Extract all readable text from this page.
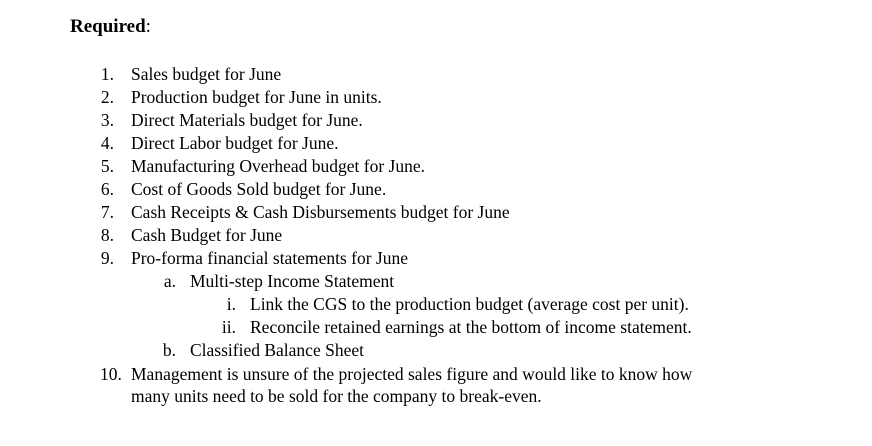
Required:
1. Sales budget for June
2. Production budget for June in units.
3. Direct Materials budget for June.
4. Direct Labor budget for June.
5. Manufacturing Overhead budget for June.
6. Cost of Goods Sold budget for June.
7. Cash Receipts & Cash Disbursements budget for June
8. Cash Budget for June
9. Pro-forma financial statements for June
a. Multi-step Income Statement
i. Link the CGS to the production budget (average cost per unit).
ii. Reconcile retained earnings at the bottom of income statement.
b. Classified Balance Sheet
10. Management is unsure of the projected sales figure and would like to know how
many units need to be sold for the company to break-even.
